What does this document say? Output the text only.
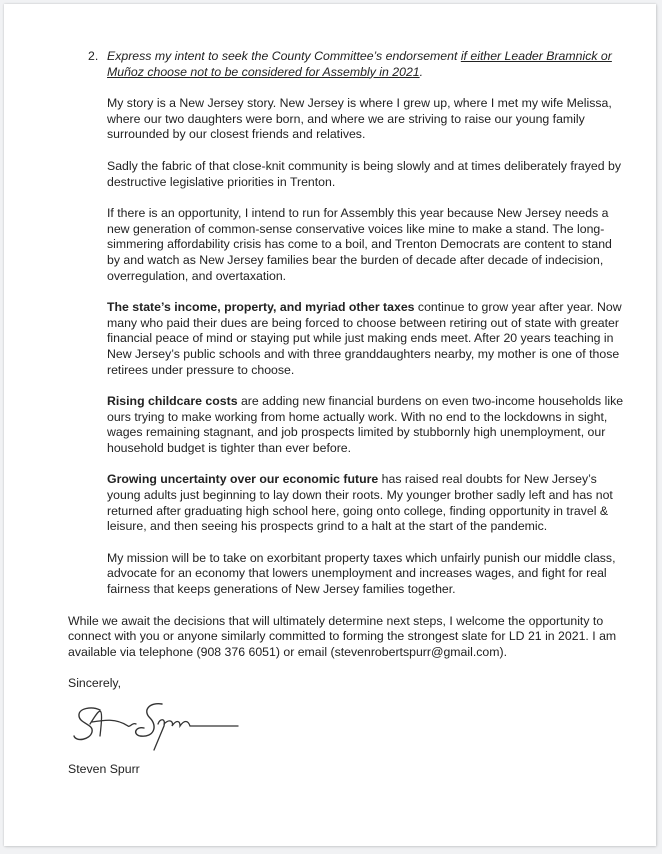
2. Express my intent to seek the County Committee’s endorsement if either Leader Bramnick or Muñoz choose not to be considered for Assembly in 2021.

My story is a New Jersey story. New Jersey is where I grew up, where I met my wife Melissa, where our two daughters were born, and where we are striving to raise our young family surrounded by our closest friends and relatives.

Sadly the fabric of that close-knit community is being slowly and at times deliberately frayed by destructive legislative priorities in Trenton.

If there is an opportunity, I intend to run for Assembly this year because New Jersey needs a new generation of common-sense conservative voices like mine to make a stand. The long-simmering affordability crisis has come to a boil, and Trenton Democrats are content to stand by and watch as New Jersey families bear the burden of decade after decade of indecision, overregulation, and overtaxation.

The state’s income, property, and myriad other taxes continue to grow year after year. Now many who paid their dues are being forced to choose between retiring out of state with greater financial peace of mind or staying put while just making ends meet. After 20 years teaching in New Jersey’s public schools and with three granddaughters nearby, my mother is one of those retirees under pressure to choose.

Rising childcare costs are adding new financial burdens on even two-income households like ours trying to make working from home actually work. With no end to the lockdowns in sight, wages remaining stagnant, and job prospects limited by stubbornly high unemployment, our household budget is tighter than ever before.

Growing uncertainty over our economic future has raised real doubts for New Jersey’s young adults just beginning to lay down their roots. My younger brother sadly left and has not returned after graduating high school here, going onto college, finding opportunity in travel & leisure, and then seeing his prospects grind to a halt at the start of the pandemic.

My mission will be to take on exorbitant property taxes which unfairly punish our middle class, advocate for an economy that lowers unemployment and increases wages, and fight for real fairness that keeps generations of New Jersey families together.

While we await the decisions that will ultimately determine next steps, I welcome the opportunity to connect with you or anyone similarly committed to forming the strongest slate for LD 21 in 2021. I am available via telephone (908 376 6051) or email (stevenrobertspurr@gmail.com).

Sincerely,

Steven Spurr
